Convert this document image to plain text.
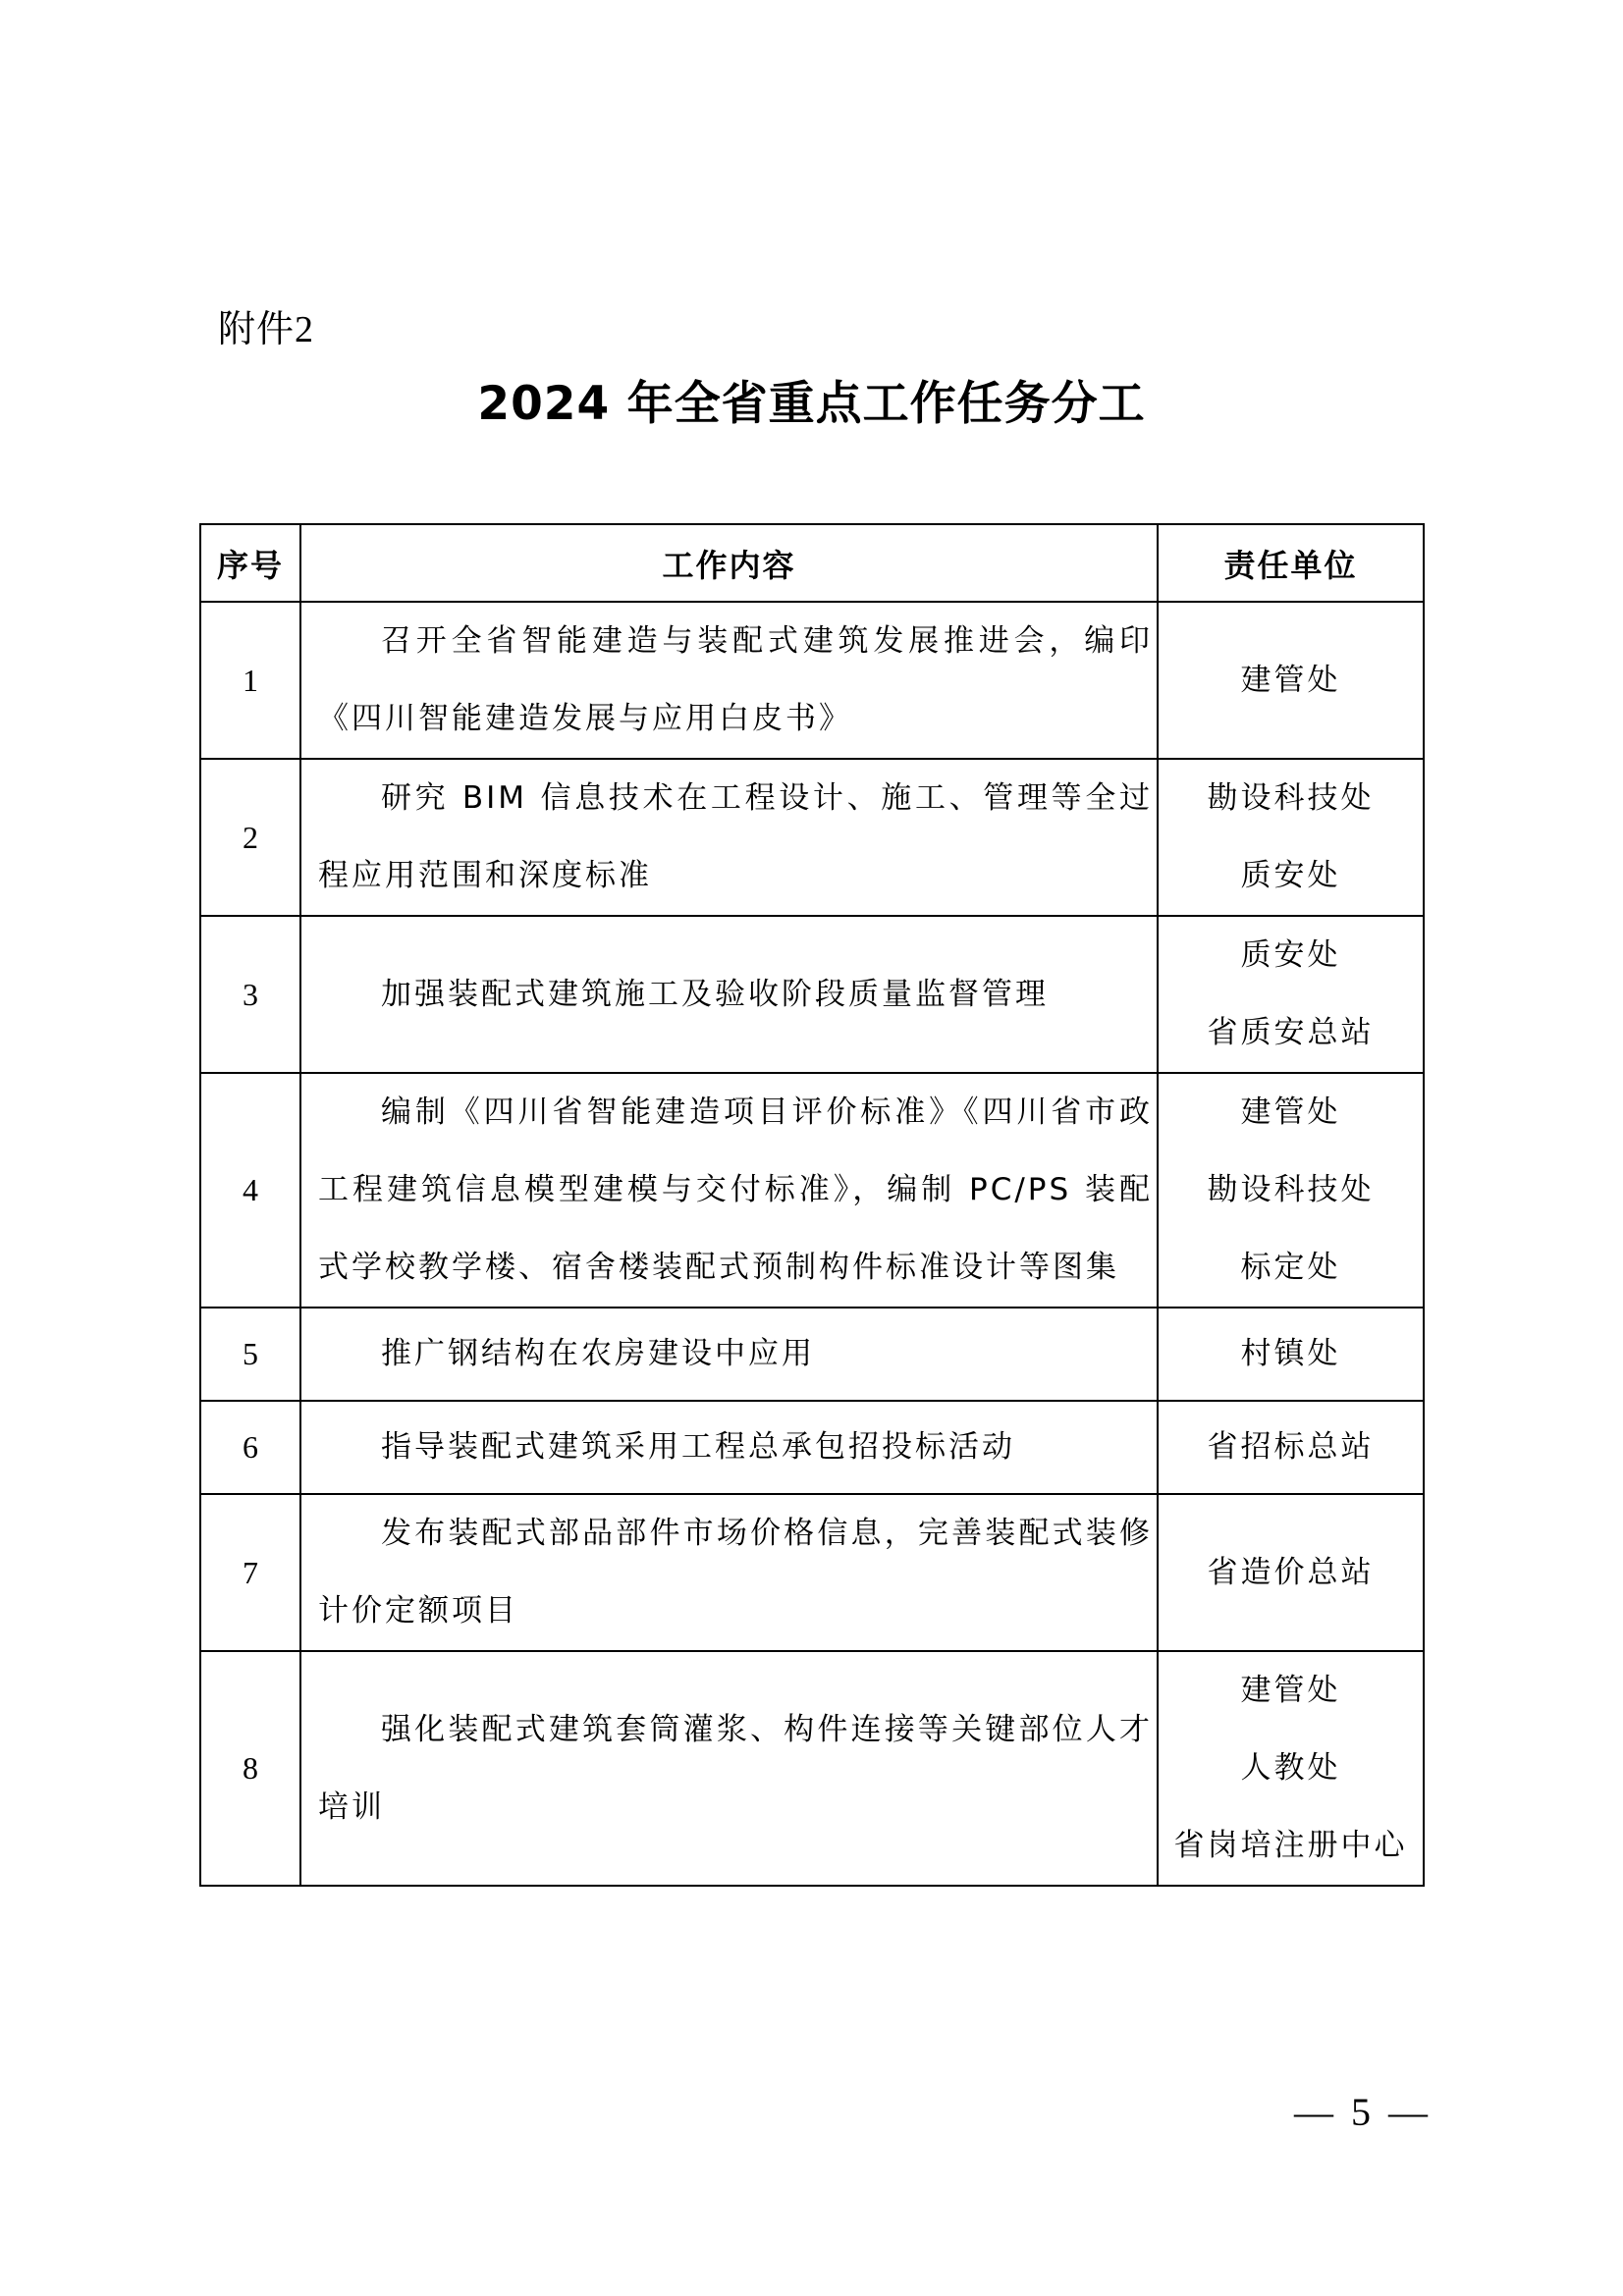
附件2
2024 年全省重点工作任务分工
序号	工作内容	责任单位
1	召开全省智能建造与装配式建筑发展推进会，编印《四川智能建造发展与应用白皮书》	建管处

2	研究 BIM 信息技术在工程设计、施工、管理等全过程应用范围和深度标准	勘设科技处
质安处

3	加强装配式建筑施工及验收阶段质量监督管理	质安处
省质安总站

4	编制《四川省智能建造项目评价标准》《四川省市政工程建筑信息模型建模与交付标准》，编制 PC/PS 装配式学校教学楼、宿舍楼装配式预制构件标准设计等图集	建管处
勘设科技处
标定处

5	推广钢结构在农房建设中应用	村镇处

6	指导装配式建筑采用工程总承包招投标活动	省招标总站

7	发布装配式部品部件市场价格信息，完善装配式装修计价定额项目	省造价总站

8	强化装配式建筑套筒灌浆、构件连接等关键部位人才培训	建管处
人教处
省岗培注册中心
— 5 —
